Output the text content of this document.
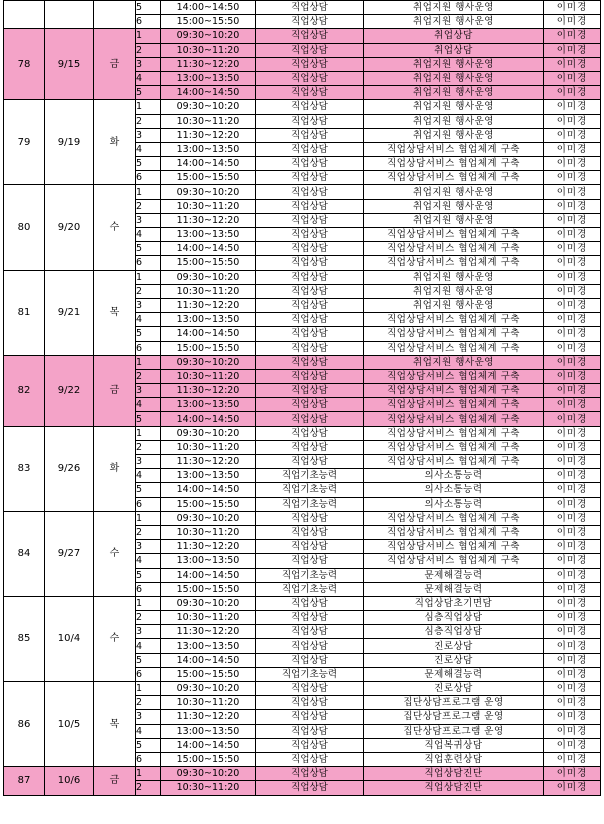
			5	14:00~14:50	직업상담	취업지원 행사운영	이미경
			6	15:00~15:50	직업상담	취업지원 행사운영	이미경
78	9/15	금	1	09:30~10:20	직업상담	취업상담	이미경
			2	10:30~11:20	직업상담	취업상담	이미경
			3	11:30~12:20	직업상담	취업지원 행사운영	이미경
			4	13:00~13:50	직업상담	취업지원 행사운영	이미경
			5	14:00~14:50	직업상담	취업지원 행사운영	이미경
79	9/19	화	1	09:30~10:20	직업상담	취업지원 행사운영	이미경
			2	10:30~11:20	직업상담	취업지원 행사운영	이미경
			3	11:30~12:20	직업상담	취업지원 행사운영	이미경
			4	13:00~13:50	직업상담	직업상담서비스 협업체계 구축	이미경
			5	14:00~14:50	직업상담	직업상담서비스 협업체계 구축	이미경
			6	15:00~15:50	직업상담	직업상담서비스 협업체계 구축	이미경
80	9/20	수	1	09:30~10:20	직업상담	취업지원 행사운영	이미경
			2	10:30~11:20	직업상담	취업지원 행사운영	이미경
			3	11:30~12:20	직업상담	취업지원 행사운영	이미경
			4	13:00~13:50	직업상담	직업상담서비스 협업체계 구축	이미경
			5	14:00~14:50	직업상담	직업상담서비스 협업체계 구축	이미경
			6	15:00~15:50	직업상담	직업상담서비스 협업체계 구축	이미경
81	9/21	목	1	09:30~10:20	직업상담	취업지원 행사운영	이미경
			2	10:30~11:20	직업상담	취업지원 행사운영	이미경
			3	11:30~12:20	직업상담	취업지원 행사운영	이미경
			4	13:00~13:50	직업상담	직업상담서비스 협업체계 구축	이미경
			5	14:00~14:50	직업상담	직업상담서비스 협업체계 구축	이미경
			6	15:00~15:50	직업상담	직업상담서비스 협업체계 구축	이미경
82	9/22	금	1	09:30~10:20	직업상담	취업지원 행사운영	이미경
			2	10:30~11:20	직업상담	직업상담서비스 협업체계 구축	이미경
			3	11:30~12:20	직업상담	직업상담서비스 협업체계 구축	이미경
			4	13:00~13:50	직업상담	직업상담서비스 협업체계 구축	이미경
			5	14:00~14:50	직업상담	직업상담서비스 협업체계 구축	이미경
83	9/26	화	1	09:30~10:20	직업상담	직업상담서비스 협업체계 구축	이미경
			2	10:30~11:20	직업상담	직업상담서비스 협업체계 구축	이미경
			3	11:30~12:20	직업상담	직업상담서비스 협업체계 구축	이미경
			4	13:00~13:50	직업기초능력	의사소통능력	이미경
			5	14:00~14:50	직업기초능력	의사소통능력	이미경
			6	15:00~15:50	직업기초능력	의사소통능력	이미경
84	9/27	수	1	09:30~10:20	직업상담	직업상담서비스 협업체계 구축	이미경
			2	10:30~11:20	직업상담	직업상담서비스 협업체계 구축	이미경
			3	11:30~12:20	직업상담	직업상담서비스 협업체계 구축	이미경
			4	13:00~13:50	직업상담	직업상담서비스 협업체계 구축	이미경
			5	14:00~14:50	직업기초능력	문제해결능력	이미경
			6	15:00~15:50	직업기초능력	문제해결능력	이미경
85	10/4	수	1	09:30~10:20	직업상담	직업상담초기면담	이미경
			2	10:30~11:20	직업상담	심층직업상담	이미경
			3	11:30~12:20	직업상담	심층직업상담	이미경
			4	13:00~13:50	직업상담	진로상담	이미경
			5	14:00~14:50	직업상담	진로상담	이미경
			6	15:00~15:50	직업기초능력	문제해결능력	이미경
86	10/5	목	1	09:30~10:20	직업상담	진로상담	이미경
			2	10:30~11:20	직업상담	집단상담프로그램 운영	이미경
			3	11:30~12:20	직업상담	집단상담프로그램 운영	이미경
			4	13:00~13:50	직업상담	집단상담프로그램 운영	이미경
			5	14:00~14:50	직업상담	직업복귀상담	이미경
			6	15:00~15:50	직업상담	직업훈련상담	이미경
87	10/6	금	1	09:30~10:20	직업상담	직업상담진단	이미경
			2	10:30~11:20	직업상담	직업상담진단	이미경
